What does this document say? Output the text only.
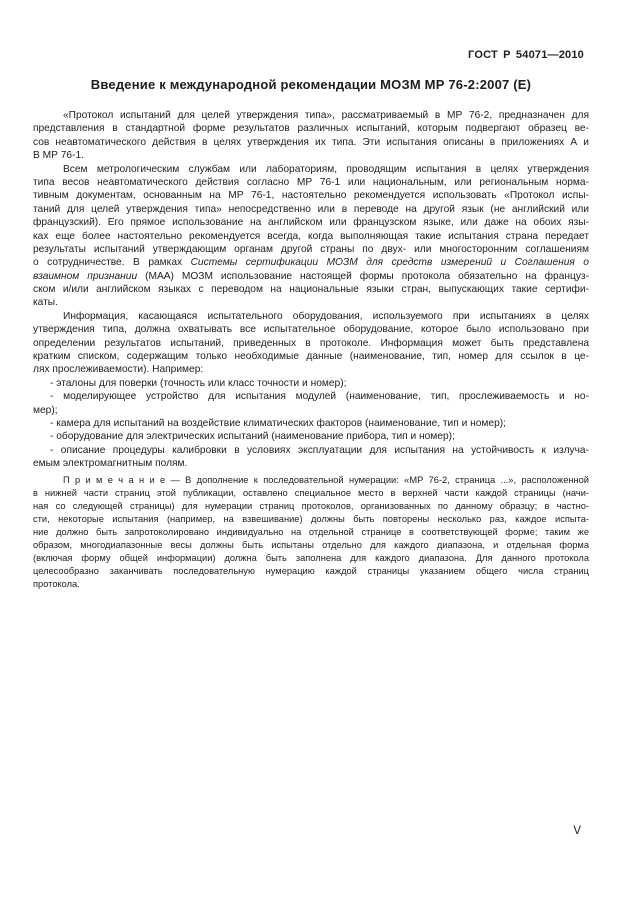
ГОСТ Р 54071—2010
Введение к международной рекомендации МОЗМ МР 76-2:2007 (Е)
«Протокол испытаний для целей утверждения типа», рассматриваемый в МР 76-2, предназначен для
представления в стандартной форме результатов различных испытаний, которым подвергают образец ве-
сов неавтоматического действия в целях утверждения их типа. Эти испытания описаны в приложениях А и
В МР 76-1.
Всем метрологическим службам или лабораториям, проводящим испытания в целях утверждения
типа весов неавтоматического действия согласно МР 76-1 или национальным, или региональным норма-
тивным документам, основанным на МР 76-1, настоятельно рекомендуется использовать «Протокол испы-
таний для целей утверждения типа» непосредственно или в переводе на другой язык (не английский или
французский). Его прямое использование на английском или французском языке, или даже на обоих язы-
ках еще более настоятельно рекомендуется всегда, когда выполняющая такие испытания страна передает
результаты испытаний утверждающим органам другой страны по двух- или многосторонним соглашениям
о сотрудничестве. В рамках Системы сертификации МОЗМ для средств измерений и Соглашения о
взаимном признании (МАА) МОЗМ использование настоящей формы протокола обязательно на француз-
ском и/или английском языках с переводом на национальные языки стран, выпускающих такие сертифи-
каты.
Информация, касающаяся испытательного оборудования, используемого при испытаниях в целях
утверждения типа, должна охватывать все испытательное оборудование, которое было использовано при
определении результатов испытаний, приведенных в протоколе. Информация может быть представлена
кратким списком, содержащим только необходимые данные (наименование, тип, номер для ссылок в це-
лях прослеживаемости). Например:
- эталоны для поверки (точность или класс точности и номер);
- моделирующее устройство для испытания модулей (наименование, тип, прослеживаемость и но-
мер);
- камера для испытаний на воздействие климатических факторов (наименование, тип и номер);
- оборудование для электрических испытаний (наименование прибора, тип и номер);
- описание процедуры калибровки в условиях эксплуатации для испытания на устойчивость к излуча-
емым электромагнитным полям.
П р и м е ч а н и е — В дополнение к последовательной нумерации: «МР 76-2, страница ...», расположенной
в нижней части страниц этой публикации, оставлено специальное место в верхней части каждой страницы (начи-
ная со следующей страницы) для нумерации страниц протоколов, организованных по данному образцу; в частно-
сти, некоторые испытания (например, на взвешивание) должны быть повторены несколько раз, каждое испыта-
ние должно быть запротоколировано индивидуально на отдельной странице в соответствующей форме; таким же
образом, многодиапазонные весы должны быть испытаны отдельно для каждого диапазона, и отдельная форма
(включая форму общей информации) должна быть заполнена для каждого диапазона. Для данного протокола
целесообразно заканчивать последовательную нумерацию каждой страницы указанием общего числа страниц
протокола.
V
